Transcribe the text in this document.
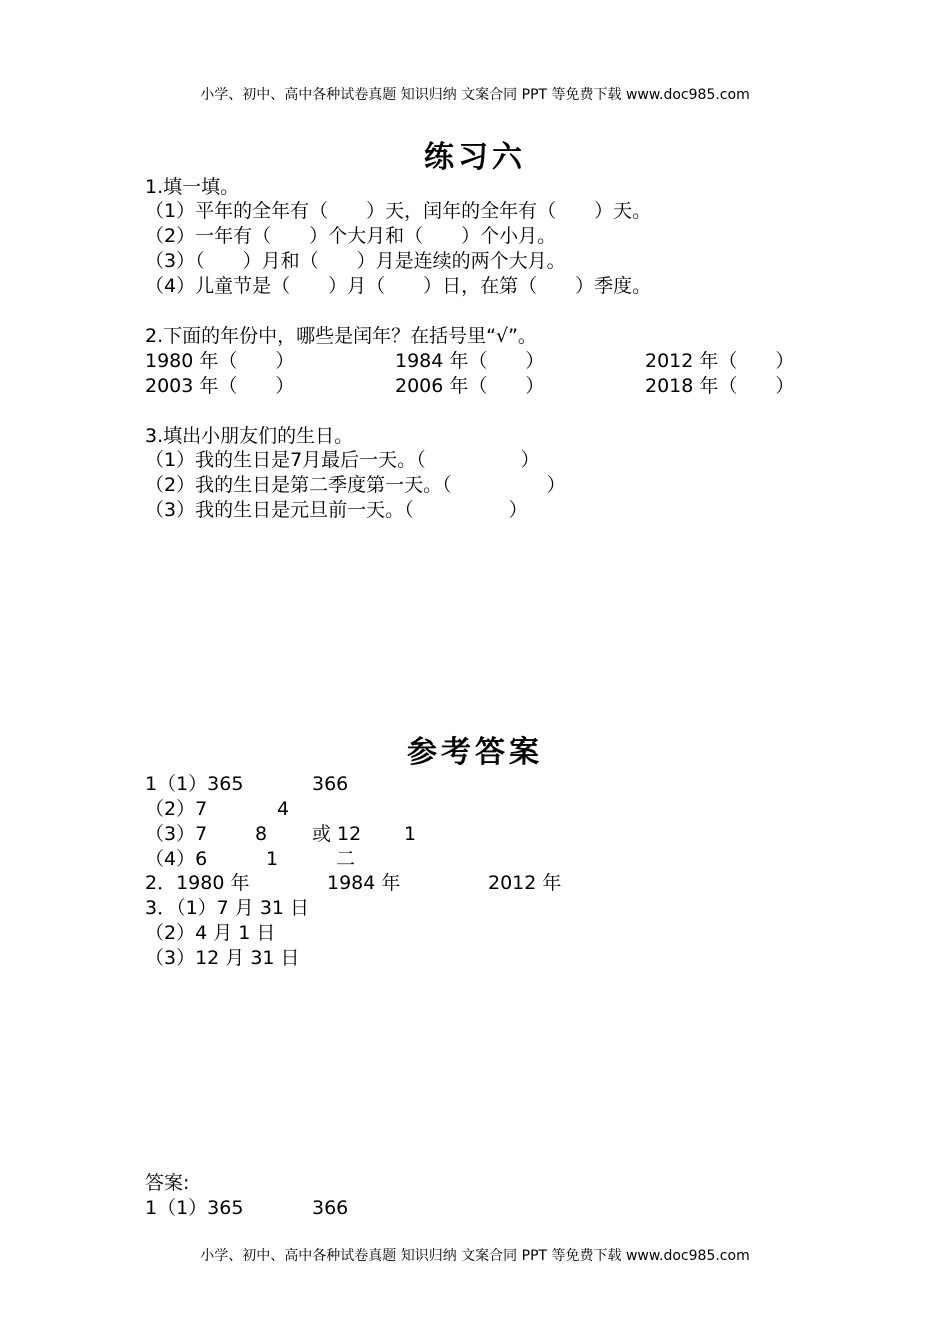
小学、初中、高中各种试卷真题 知识归纳 文案合同 PPT 等免费下载 www.doc985.com
练习六
1.填一填。
（1）平年的全年有（　　）天，闰年的全年有（　　）天。
（2）一年有（　　）个大月和（　　）个小月。
（3）（　　）月和（　　）月是连续的两个大月。
（4）儿童节是（　　）月（　　）日，在第（　　）季度。
2.下面的年份中，哪些是闰年？在括号里“√”。
1980 年（　　）	1984 年（　　）	2012 年（　　）
2003 年（　　）	2006 年（　　）	2018 年（　　）
3.填出小朋友们的生日。
（1）我的生日是7月最后一天。（　　　　　）
（2）我的生日是第二季度第一天。（　　　　　）
（3）我的生日是元旦前一天。（　　　　　）
参考答案
1（1）365	366
（2）7	4
（3）7	8 或 12 1
（4）6	1	二
2．1980 年	1984 年	2012 年
3．（1）7 月 31 日
（2）4 月 1 日
（3）12 月 31 日
答案:
1（1）365	366
小学、初中、高中各种试卷真题 知识归纳 文案合同 PPT 等免费下载 www.doc985.com
